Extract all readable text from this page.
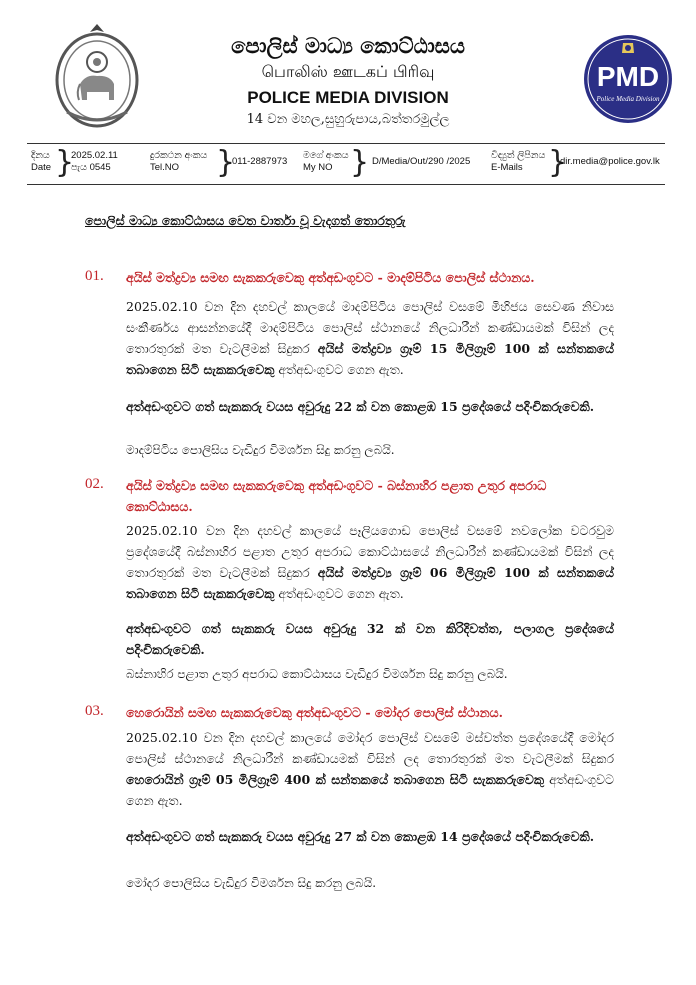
පොලිස් මාධ්‍ය කොට්ඨාසය
பொலிஸ் ஊடகப் பிரிவு
POLICE MEDIA DIVISION
14 වන මහල,සුහුරුපාය,බත්තරමුල්ල
PMD
Police Media Division
දිනය
Date }
2025.02.11
පැය 0545
දුරකථන අංකය
Tel.NO	}
011-2887973
මගේ අංකය
My NO } D/Media/Out/290 /2025
විද්‍යුත් ලිපිනය
E-Mails }
dir.media@police.gov.lk
පොලිස් මාධ්‍ය කොට්ඨාසය වෙත වාර්තා වූ වැදගත් තොරතුරු
01. අයිස් මත්ද්‍රව්‍ය සමඟ සැකකරුවෙකු අත්අඩංගුවට - මාදම්පිටිය පොලිස් ස්ථානය.
2025.02.10 වන දින දහවල් කාලයේ මාදම්පිටිය පොලිස් වසමේ මිහිජය සෙවණ නිවාස සංකීර්ණය ආසන්නයේදී මාදම්පිටිය පොලිස් ස්ථානයේ නිලධාරීන් කණ්ඩායමක් විසින් ලද තොරතුරක් මත වැටලීමක් සිදුකර අයිස් මත්ද්‍රව්‍ය ග්‍රෑම් 15 මිලිග්‍රෑම් 100 ක් සන්තකයේ තබාගෙන සිටි සැකකරුවෙකු අත්අඩංගුවට ගෙන ඇත.
අත්අඩංගුවට ගත් සැකකරු වයස අවුරුදු 22 ක් වන කොළඹ 15 ප්‍රදේශයේ පදිංචිකරුවෙකි.
මාදම්පිටිය පොලිසිය වැඩිදුර විමර්ශන සිදු කරනු ලබයි.
02. අයිස් මත්ද්‍රව්‍ය සමඟ සැකකරුවෙකු අත්අඩංගුවට - බස්නාහිර පළාත උතුර අපරාධ කොට්ඨාසය.
2025.02.10 වන දින දහවල් කාලයේ පෑලියගොඩ පොලිස් වසමේ නවලෝක වටරවුම ප්‍රදේශයේදී බස්නාහිර පළාත උතුර අපරාධ කොට්ඨාසයේ නිලධාරීන් කණ්ඩායමක් විසින් ලද තොරතුරක් මත වැටලීමක් සිදුකර අයිස් මත්ද්‍රව්‍ය ග්‍රෑම් 06 මිලිග්‍රෑම් 100 ක් සන්තකයේ තබාගෙන සිටි සැකකරුවෙකු අත්අඩංගුවට ගෙන ඇත.
අත්අඩංගුවට ගත් සැකකරු වයස අවුරුදු 32 ක් වන කිරිදිවත්ත, පලාගල ප්‍රදේශයේ පදිංචිකරුවෙකි.
බස්නාහිර පළාත උතුර අපරාධ කොට්ඨාසය වැඩිදුර විමර්ශන සිදු කරනු ලබයි.
03. හෙරොයින් සමඟ සැකකරුවෙකු අත්අඩංගුවට - මෝදර පොලිස් ස්ථානය.
2025.02.10 වන දින දහවල් කාලයේ මෝදර පොලිස් වසමේ මස්වත්ත ප්‍රදේශයේදී මෝදර පොලිස් ස්ථානයේ නිලධාරීන් කණ්ඩායමක් විසින් ලද තොරතුරක් මත වැටලීමක් සිදුකර හෙරොයින් ග්‍රෑම් 05 මිලිග්‍රෑම් 400 ක් සන්තකයේ තබාගෙන සිටි සැකකරුවෙකු අත්අඩංගුවට ගෙන ඇත.
අත්අඩංගුවට ගත් සැකකරු වයස අවුරුදු 27 ක් වන කොළඹ 14 ප්‍රදේශයේ පදිංචිකරුවෙකි.
මෝදර පොලිසිය වැඩිදුර විමර්ශන සිදු කරනු ලබයි.
